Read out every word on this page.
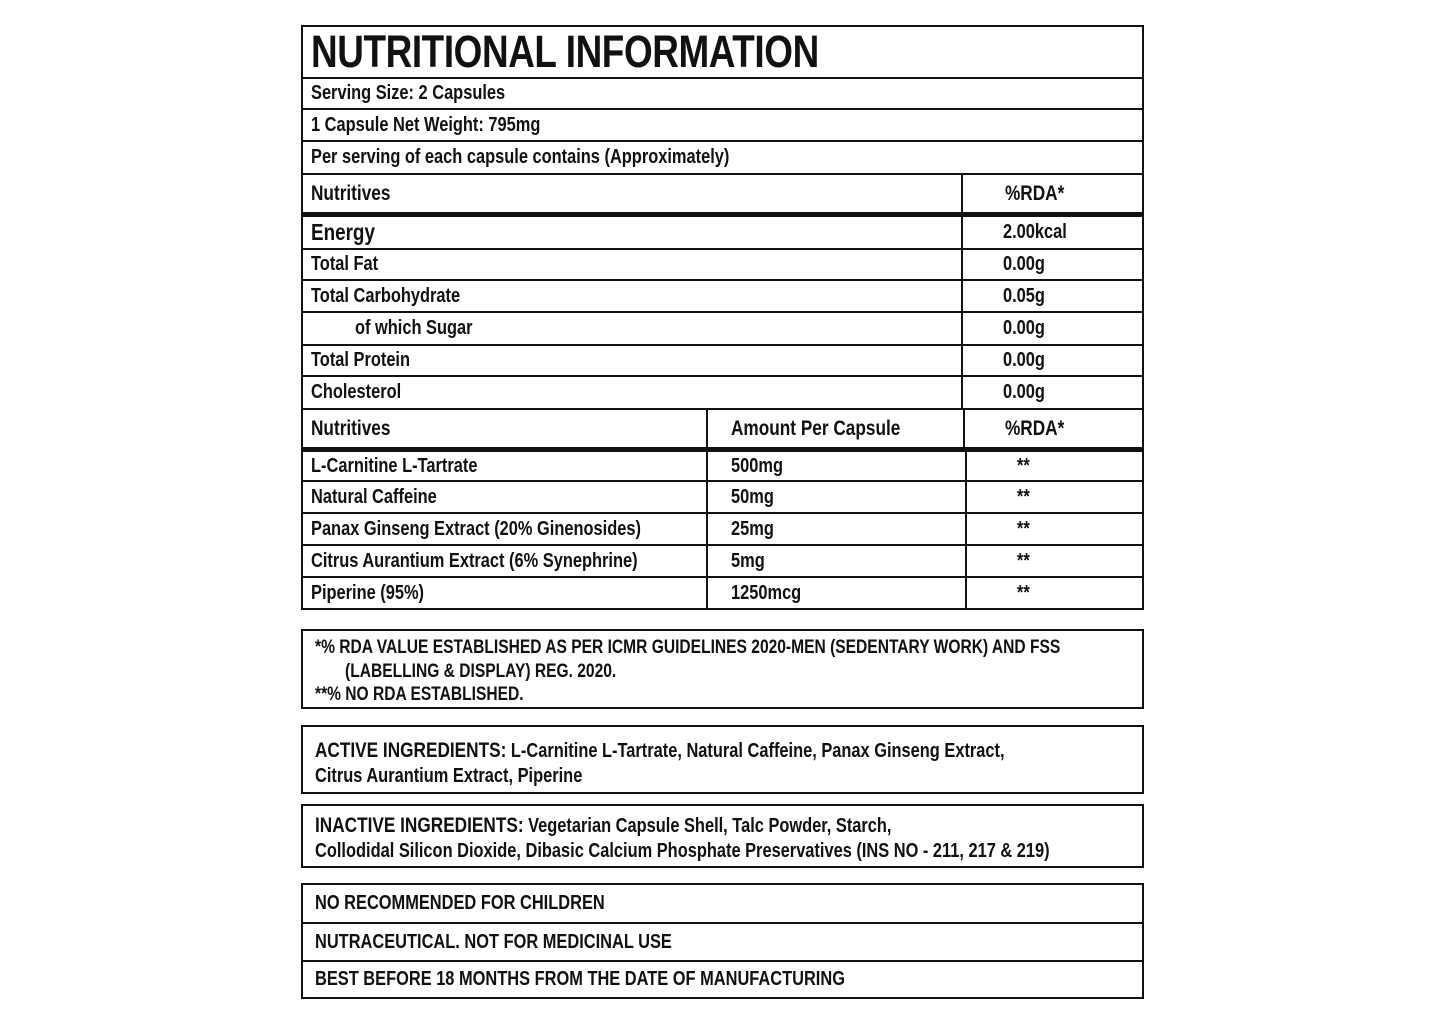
NUTRITIONAL INFORMATION
Serving Size: 2 Capsules
1 Capsule Net Weight: 795mg
Per serving of each capsule contains (Approximately)
Nutritives	%RDA*
Energy	2.00kcal
Total Fat	0.00g
Total Carbohydrate	0.05g
of which Sugar	0.00g
Total Protein	0.00g
Cholesterol	0.00g
Nutritives	Amount Per Capsule	%RDA*
L-Carnitine L-Tartrate	500mg	**
Natural Caffeine	50mg	**
Panax Ginseng Extract (20% Ginenosides)	25mg	**
Citrus Aurantium Extract (6% Synephrine)	5mg	**
Piperine (95%)	1250mcg	**
*% RDA VALUE ESTABLISHED AS PER ICMR GUIDELINES 2020-MEN (SEDENTARY WORK) AND FSS
(LABELLING & DISPLAY) REG. 2020.
**% NO RDA ESTABLISHED.
ACTIVE INGREDIENTS: L-Carnitine L-Tartrate, Natural Caffeine, Panax Ginseng Extract,
Citrus Aurantium Extract, Piperine
INACTIVE INGREDIENTS: Vegetarian Capsule Shell, Talc Powder, Starch,
Collodidal Silicon Dioxide, Dibasic Calcium Phosphate Preservatives (INS NO - 211, 217 & 219)
NO RECOMMENDED FOR CHILDREN
NUTRACEUTICAL. NOT FOR MEDICINAL USE
BEST BEFORE 18 MONTHS FROM THE DATE OF MANUFACTURING
